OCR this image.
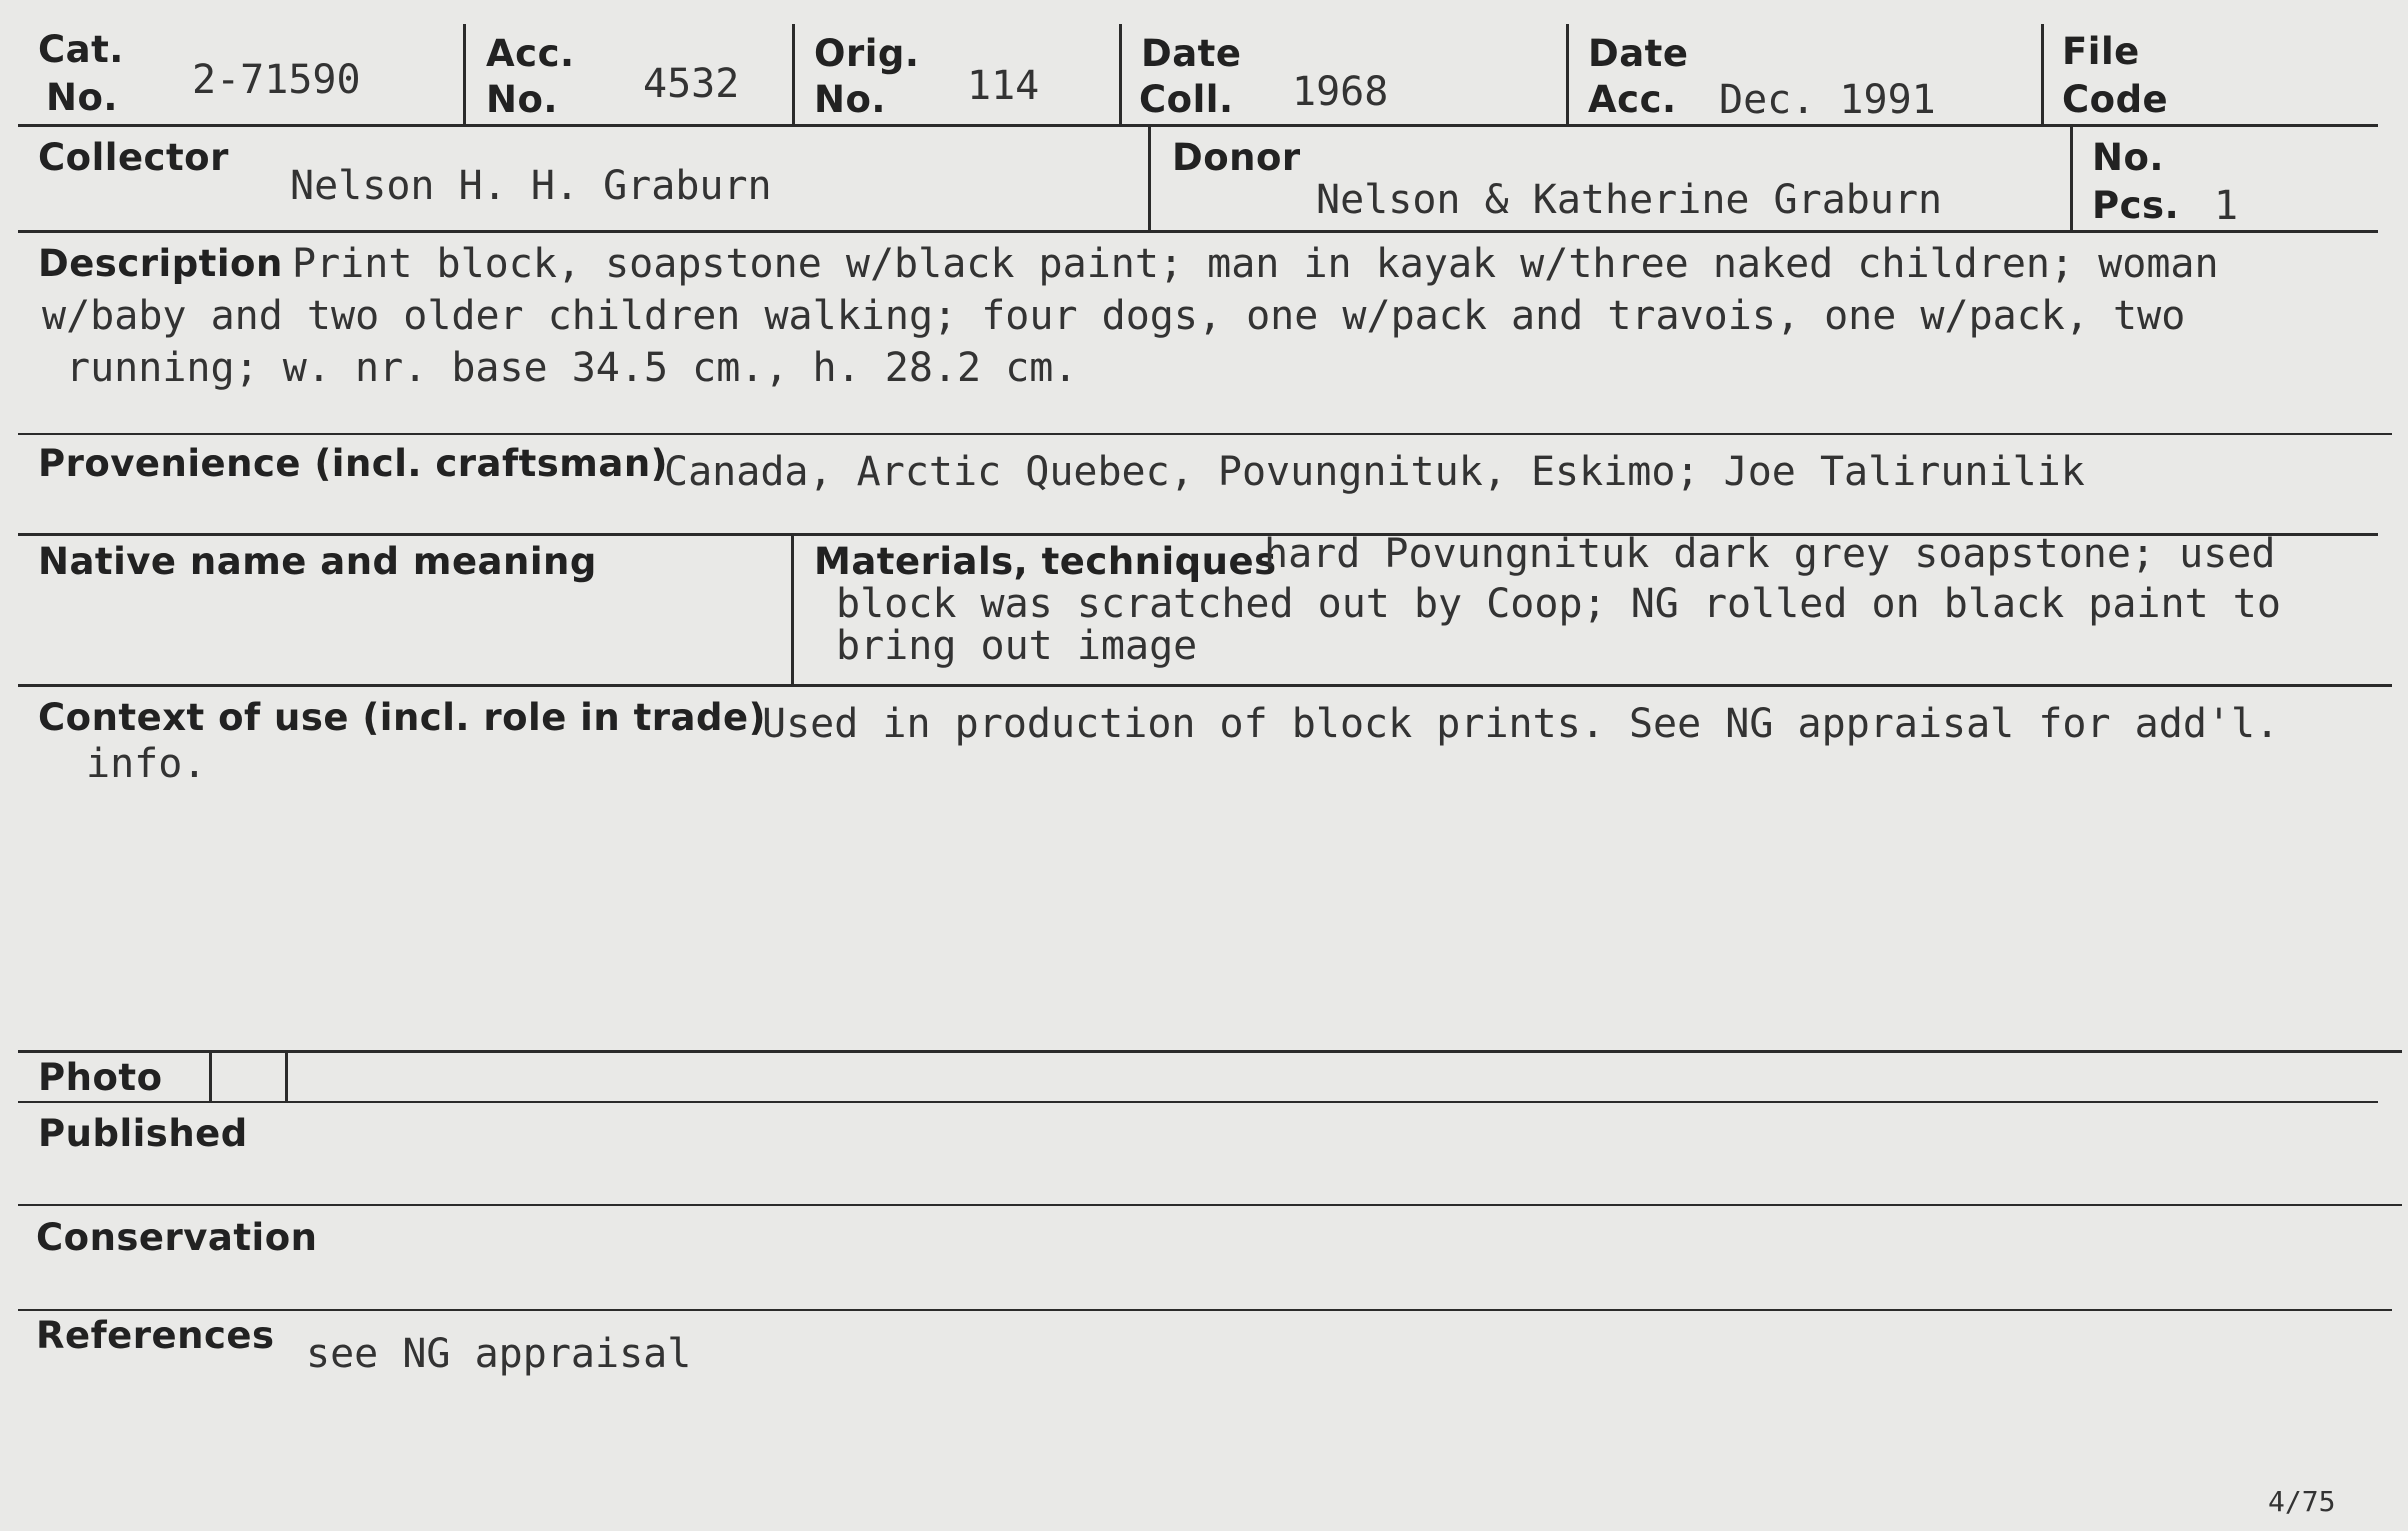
Cat.
No. 2-71590
Acc.
No. 4532
Orig.
No. 114
Date
Coll. 1968
Date
Acc. Dec. 1991
File
Code
Collector
Nelson H. H. Graburn
Donor
Nelson & Katherine Graburn
No.
Pcs. 1
Description Print block, soapstone w/black paint; man in kayak w/three naked children; woman
w/baby and two older children walking; four dogs, one w/pack and travois, one w/pack, two
running; w. nr. base 34.5 cm., h. 28.2 cm.
Provenience (incl. craftsman)
Canada, Arctic Quebec, Povungnituk, Eskimo; Joe Talirunilik
Native name and meaning	Materials, techniques
hard Povungnituk dark grey soapstone; used
block was scratched out by Coop; NG rolled on black paint to
bring out image
Context of use (incl. role in trade)
Used in production of block prints. See NG appraisal for add'l.
info.
Photo
Published
Conservation
References see NG appraisal
4/75
